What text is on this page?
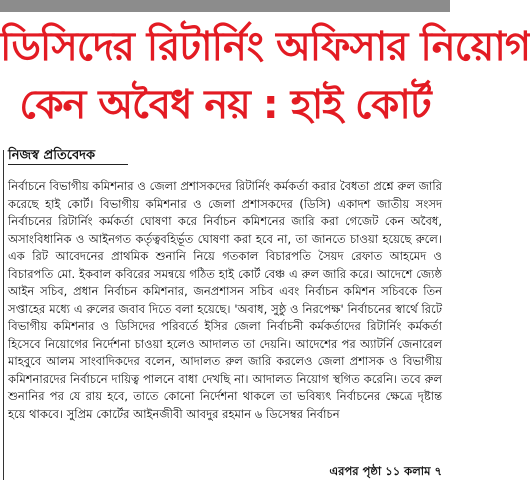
ডিসিদের রিটার্নিং অফিসার নিয়োগ
কেন অবৈধ নয় : হাই কোর্ট
নিজস্ব প্রতিবেদক

নির্বাচনে বিভাগীয় কমিশনার ও জেলা প্রশাসকদের রিটার্নিং কর্মকর্তা করার বৈধতা প্রশ্নে রুল জারি করেছে হাই কোর্ট। বিভাগীয় কমিশনার ও জেলা প্রশাসকদের (ডিসি) একাদশ জাতীয় সংসদ নির্বাচনের রিটার্নিং কর্মকর্তা ঘোষণা করে নির্বাচন কমিশনের জারি করা গেজেট কেন অবৈধ, অসাংবিধানিক ও আইনগত কর্তৃত্ববহির্ভূত ঘোষণা করা হবে না, তা জানতে চাওয়া হয়েছে রুলে। এক রিট আবেদনের প্রাথমিক শুনানি নিয়ে গতকাল বিচারপতি সৈয়দ রেফাত আহমেদ ও বিচারপতি মো. ইকবাল কবিরের সমন্বয়ে গঠিত হাই কোর্ট বেঞ্চ এ রুল জারি করে। আদেশে জ্যেষ্ঠ আইন সচিব, প্রধান নির্বাচন কমিশনার, জনপ্রশাসন সচিব এবং নির্বাচন কমিশন সচিবকে তিন সপ্তাহের মধ্যে এ রুলের জবাব দিতে বলা হয়েছে। 'অবাধ, সুষ্ঠু ও নিরপেক্ষ' নির্বাচনের স্বার্থে রিটে বিভাগীয় কমিশনার ও ডিসিদের পরিবর্তে ইসির জেলা নির্বাচনী কর্মকর্তাদের রিটার্নিং কর্মকর্তা হিসেবে নিয়োগের নির্দেশনা চাওয়া হলেও আদালত তা দেয়নি। আদেশের পর অ্যাটর্নি জেনারেল মাহবুবে আলম সাংবাদিকদের বলেন, আদালত রুল জারি করলেও জেলা প্রশাসক ও বিভাগীয় কমিশনারদের নির্বাচনে দায়িত্ব পালনে বাধা দেখছি না। আদালত নিয়োগ স্থগিত করেনি। তবে রুল শুনানির পর যে রায় হবে, তাতে কোনো নির্দেশনা থাকলে তা ভবিষ্যৎ নির্বাচনের ক্ষেত্রে দৃষ্টান্ত হয়ে থাকবে। সুপ্রিম কোর্টের আইনজীবী আবদুর রহমান ৬ ডিসেম্বর নির্বাচন

এরপর পৃষ্ঠা ১১ কলাম ৭
